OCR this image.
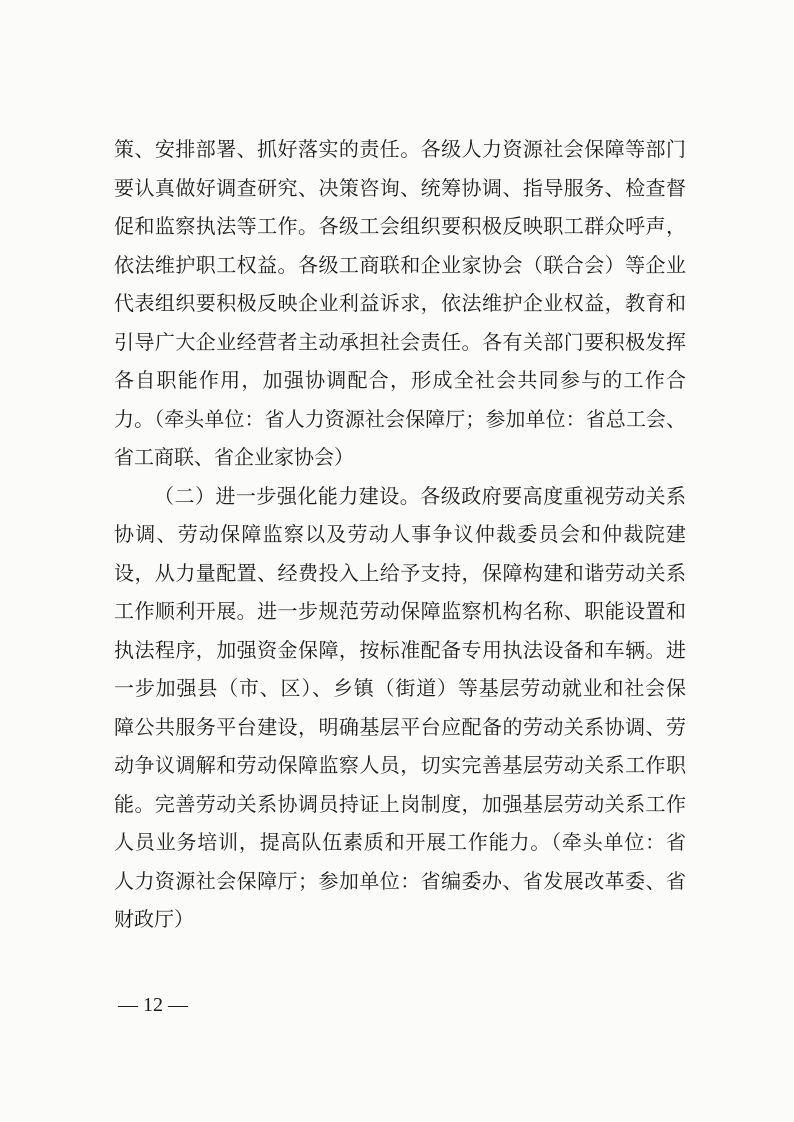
策、安排部署、抓好落实的责任。各级人力资源社会保障等部门
要认真做好调查研究、决策咨询、统筹协调、指导服务、检查督
促和监察执法等工作。各级工会组织要积极反映职工群众呼声，
依法维护职工权益。各级工商联和企业家协会（联合会）等企业
代表组织要积极反映企业利益诉求，依法维护企业权益，教育和
引导广大企业经营者主动承担社会责任。各有关部门要积极发挥
各自职能作用，加强协调配合，形成全社会共同参与的工作合
力。（牵头单位：省人力资源社会保障厅；参加单位：省总工会、
省工商联、省企业家协会）
（二）进一步强化能力建设。各级政府要高度重视劳动关系
协调、劳动保障监察以及劳动人事争议仲裁委员会和仲裁院建
设，从力量配置、经费投入上给予支持，保障构建和谐劳动关系
工作顺利开展。进一步规范劳动保障监察机构名称、职能设置和
执法程序，加强资金保障，按标准配备专用执法设备和车辆。进
一步加强县（市、区）、乡镇（街道）等基层劳动就业和社会保
障公共服务平台建设，明确基层平台应配备的劳动关系协调、劳
动争议调解和劳动保障监察人员，切实完善基层劳动关系工作职
能。完善劳动关系协调员持证上岗制度，加强基层劳动关系工作
人员业务培训，提高队伍素质和开展工作能力。（牵头单位：省
人力资源社会保障厅；参加单位：省编委办、省发展改革委、省
财政厅）
— 12 —
